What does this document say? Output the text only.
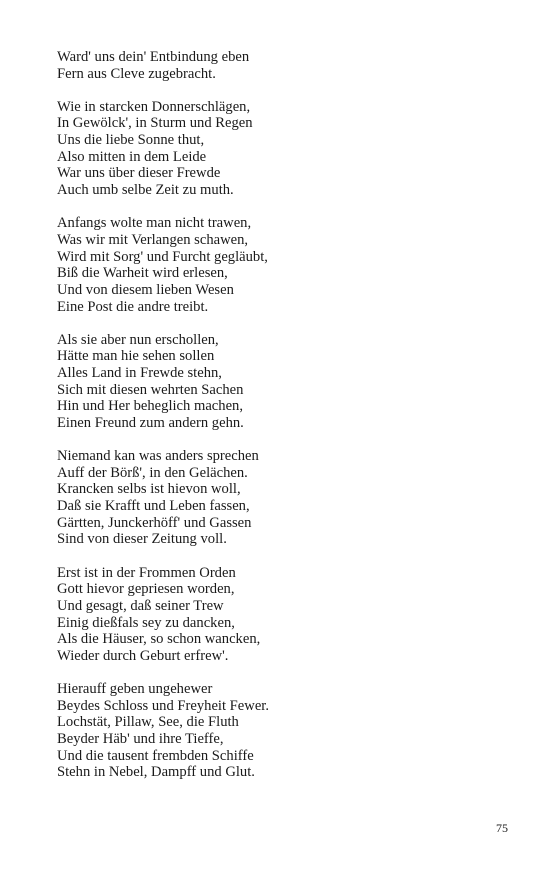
Ward' uns dein' Entbindung eben
Fern aus Cleve zugebracht.
Wie in starcken Donnerschlägen,
In Gewölck', in Sturm und Regen
Uns die liebe Sonne thut,
Also mitten in dem Leide
War uns über dieser Frewde
Auch umb selbe Zeit zu muth.
Anfangs wolte man nicht trawen,
Was wir mit Verlangen schawen,
Wird mit Sorg' und Furcht gegläubt,
Biß die Warheit wird erlesen,
Und von diesem lieben Wesen
Eine Post die andre treibt.
Als sie aber nun erschollen,
Hätte man hie sehen sollen
Alles Land in Frewde stehn,
Sich mit diesen wehrten Sachen
Hin und Her beheglich machen,
Einen Freund zum andern gehn.
Niemand kan was anders sprechen
Auff der Börß', in den Gelächen.
Krancken selbs ist hievon woll,
Daß sie Krafft und Leben fassen,
Gärtten, Junckerhöff' und Gassen
Sind von dieser Zeitung voll.
Erst ist in der Frommen Orden
Gott hievor gepriesen worden,
Und gesagt, daß seiner Trew
Einig dießfals sey zu dancken,
Als die Häuser, so schon wancken,
Wieder durch Geburt erfrew'.
Hierauff geben ungehewer
Beydes Schloss und Freyheit Fewer.
Lochstät, Pillaw, See, die Fluth
Beyder Häb' und ihre Tieffe,
Und die tausent frembden Schiffe
Stehn in Nebel, Dampff und Glut.
75
